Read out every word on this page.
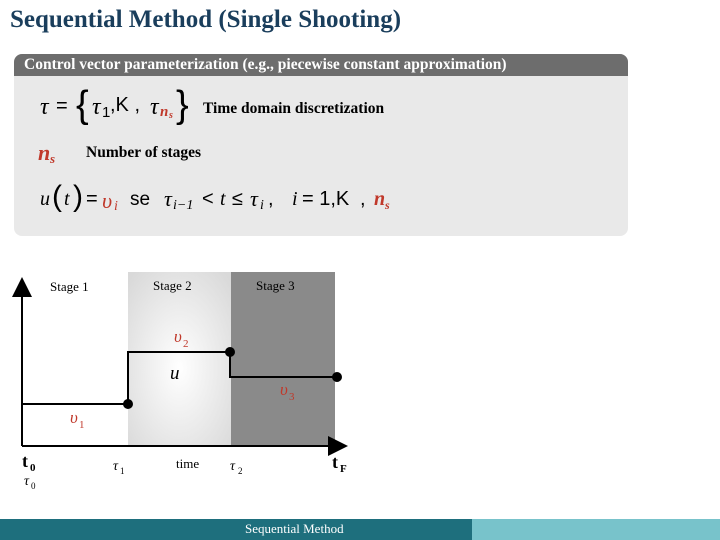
Sequential Method (Single Shooting)
Control vector parameterization (e.g., piecewise constant approximation)
τ = { τ 1 ,K , τ n s } Time domain discretization
n s Number of stages
u ( t ) = υ i se τ i−1 < t ≤ τ i , i = 1,K , n s
Stage 1	Stage 2	Stage 3
u
υ 1
υ 2
υ 3
t 0
τ 0
τ 1	time τ 2	t F
Sequential Method
